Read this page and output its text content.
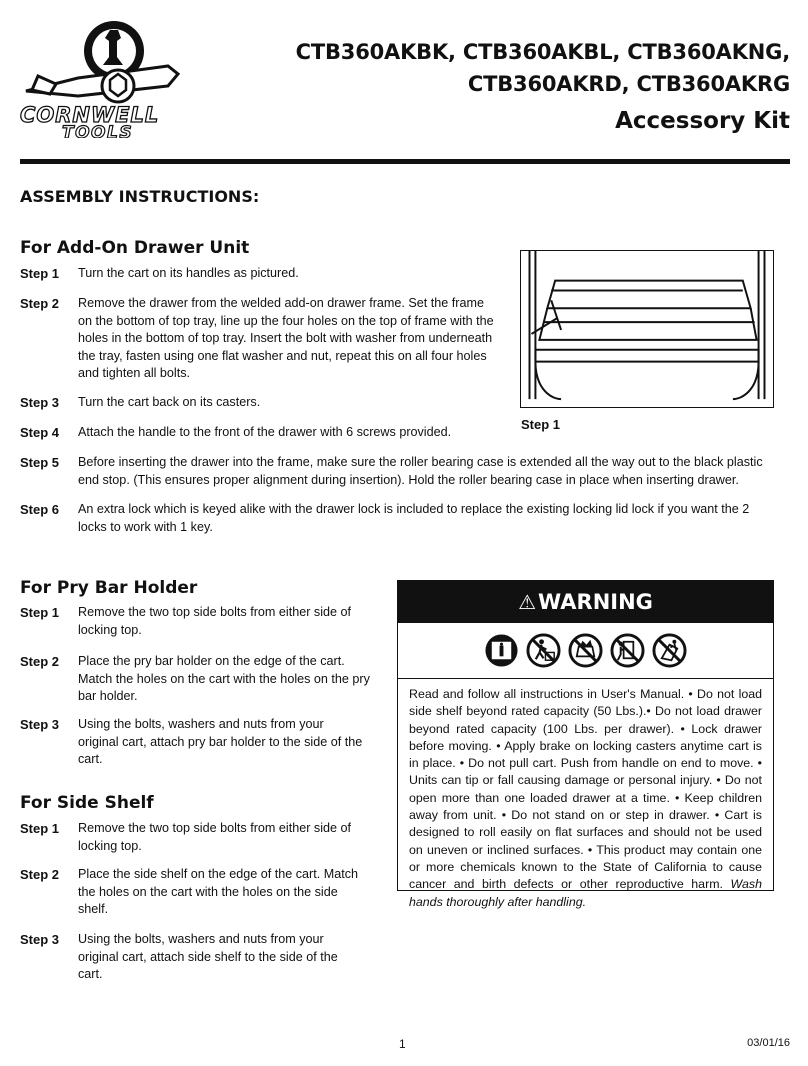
CORNWELL
TOOLS
CTB360AKBK, CTB360AKBL, CTB360AKNG,
CTB360AKRD, CTB360AKRG
Accessory Kit
ASSEMBLY INSTRUCTIONS:
For Add-On Drawer Unit
Step 1	Turn the cart on its handles as pictured.
Step 2	Remove the drawer from the welded add-on drawer frame. Set the frame on the bottom of top tray, line up the four holes on the top of frame with the holes in the bottom of top tray. Insert the bolt with washer from underneath the tray, fasten using one flat washer and nut, repeat this on all four holes and tighten all bolts.
Step 3	Turn the cart back on its casters.
Step 4	Attach the handle to the front of the drawer with 6 screws provided.
Step 5	Before inserting the drawer into the frame, make sure the roller bearing case is extended all the way out to the black plastic end stop. (This ensures proper alignment during insertion). Hold the roller bearing case in place when inserting drawer.
Step 6	An extra lock which is keyed alike with the drawer lock is included to replace the existing locking lid lock if you want the 2 locks to work with 1 key.
Step 1
For Pry Bar Holder
Step 1	Remove the two top side bolts from either side of locking top.
Step 2	Place the pry bar holder on the edge of the cart. Match the holes on the cart with the holes on the pry bar holder.
Step 3	Using the bolts, washers and nuts from your original cart, attach pry bar holder to the side of the cart.
For Side Shelf
Step 1	Remove the two top side bolts from either side of locking top.
Step 2	Place the side shelf on the edge of the cart. Match the holes on the cart with the holes on the side shelf.
Step 3	Using the bolts, washers and nuts from your original cart, attach side shelf to the side of the cart.
⚠ WARNING
Read and follow all instructions in User's Manual. • Do not load side shelf beyond rated capacity (50 Lbs.).• Do not load drawer beyond rated capacity (100 Lbs. per drawer). • Lock drawer before moving. • Apply brake on locking casters anytime cart is in place. • Do not pull cart. Push from handle on end to move. • Units can tip or fall causing damage or personal injury. • Do not open more than one loaded drawer at a time. • Keep children away from unit. • Do not stand on or step in drawer. • Cart is designed to roll easily on flat surfaces and should not be used on uneven or inclined surfaces. • This product may contain one or more chemicals known to the State of California to cause cancer and birth defects or other reproductive harm. Wash hands thoroughly after handling.
1	03/01/16
